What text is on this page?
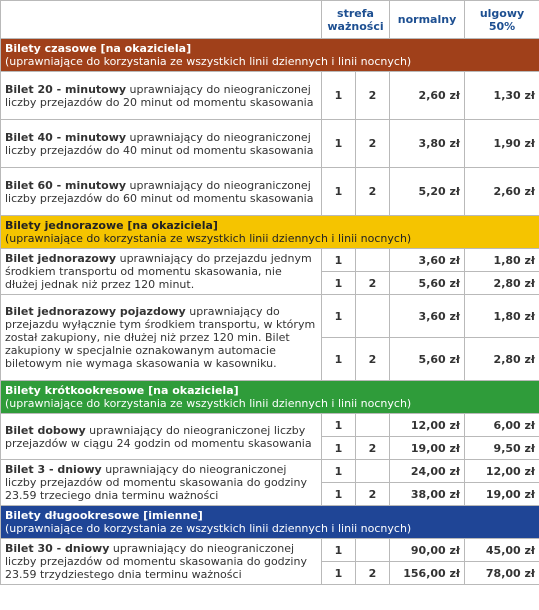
	strefa ważności		normalny	ulgowy 50%

Bilety czasowe [na okaziciela]
(uprawniające do korzystania ze wszystkich linii dziennych i linii nocnych)				

Bilet 20 - minutowy uprawniający do nieograniczonej liczby przejazdów do 20 minut od momentu skasowania	1	2	2,60 zł	1,30 zł
Bilet 40 - minutowy uprawniający do nieograniczonej liczby przejazdów do 40 minut od momentu skasowania	1	2	3,80 zł	1,90 zł
Bilet 60 - minutowy uprawniający do nieograniczonej liczby przejazdów do 60 minut od momentu skasowania	1	2	5,20 zł	2,60 zł

Bilety jednorazowe [na okaziciela]
(uprawniające do korzystania ze wszystkich linii dziennych i linii nocnych)				

Bilet jednorazowy uprawniający do przejazdu jednym środkiem transportu od momentu skasowania, nie dłużej jednak niż przez 120 minut.	1		3,60 zł	1,80 zł
	1	2	5,60 zł	2,80 zł
Bilet jednorazowy pojazdowy uprawniający do przejazdu wyłącznie tym środkiem transportu, w którym został zakupiony, nie dłużej niż przez 120 min. Bilet zakupiony w specjalnie oznakowanym automacie biletowym nie wymaga skasowania w kasowniku.	1		3,60 zł	1,80 zł
	1	2	5,60 zł	2,80 zł

Bilety krótkookresowe [na okaziciela]
(uprawniające do korzystania ze wszystkich linii dziennych i linii nocnych)				

Bilet dobowy uprawniający do nieograniczonej liczby przejazdów w ciągu 24 godzin od momentu skasowania	1		12,00 zł	6,00 zł
	1	2	19,00 zł	9,50 zł
Bilet 3 - dniowy uprawniający do nieograniczonej liczby przejazdów od momentu skasowania do godziny 23.59 trzeciego dnia terminu ważności	1		24,00 zł	12,00 zł
	1	2	38,00 zł	19,00 zł

Bilety długookresowe [imienne]
(uprawniające do korzystania ze wszystkich linii dziennych i linii nocnych)				

Bilet 30 - dniowy uprawniający do nieograniczonej liczby przejazdów od momentu skasowania do godziny 23.59 trzydziestego dnia terminu ważności	1		90,00 zł	45,00 zł
	1	2	156,00 zł	78,00 zł
